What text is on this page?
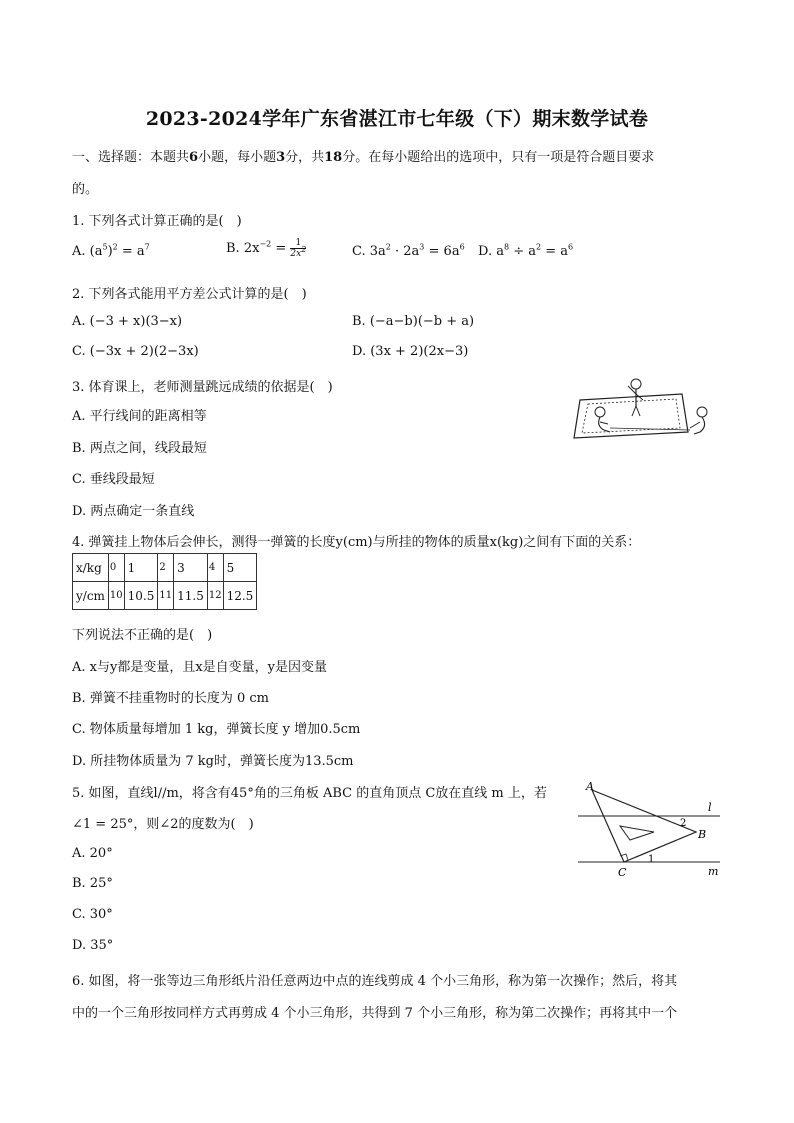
2023-2024学年广东省湛江市七年级（下）期末数学试卷
一、选择题：本题共6小题，每小题3分，共18分。在每小题给出的选项中，只有一项是符合题目要求
的。
1. 下列各式计算正确的是(　)
A. $(a^5)^2 = a^7$	B. $2x^{-2} = \frac{1}{2x^2}$	C. $3a^2 \cdot 2a^3 = 6a^6$ D. $a^8 \div a^2 = a^6$
2. 下列各式能用平方差公式计算的是(　)
A. (−3 + x)(3−x)	B. (−a−b)(−b + a)
C. (−3x + 2)(2−3x)	D. (3x + 2)(2x−3)
3. 体育课上，老师测量跳远成绩的依据是(　)
A. 平行线间的距离相等
B. 两点之间，线段最短
C. 垂线段最短
D. 两点确定一条直线
4. 弹簧挂上物体后会伸长，测得一弹簧的长度y(cm)与所挂的物体的质量x(kg)之间有下面的关系：
x/kg	0	1	2	3	4	5
y/cm	10	10.5	11	11.5	12	12.5
下列说法不正确的是(　)
A. x与y都是变量，且x是自变量，y是因变量
B. 弹簧不挂重物时的长度为 0 cm
C. 物体质量每增加 1 kg，弹簧长度 y 增加0.5cm
D. 所挂物体质量为 7 kg时，弹簧长度为13.5cm
5. 如图，直线l//m，将含有45°角的三角板 ABC 的直角顶点 C放在直线 m 上，若
∠1 = 25°，则∠2的度数为(　)
A. 20°
B. 25°
C. 30°
D. 35°
A
B
C
l
m
1
2
6. 如图，将一张等边三角形纸片沿任意两边中点的连线剪成 4 个小三角形，称为第一次操作；然后，将其
中的一个三角形按同样方式再剪成 4 个小三角形，共得到 7 个小三角形，称为第二次操作；再将其中一个
